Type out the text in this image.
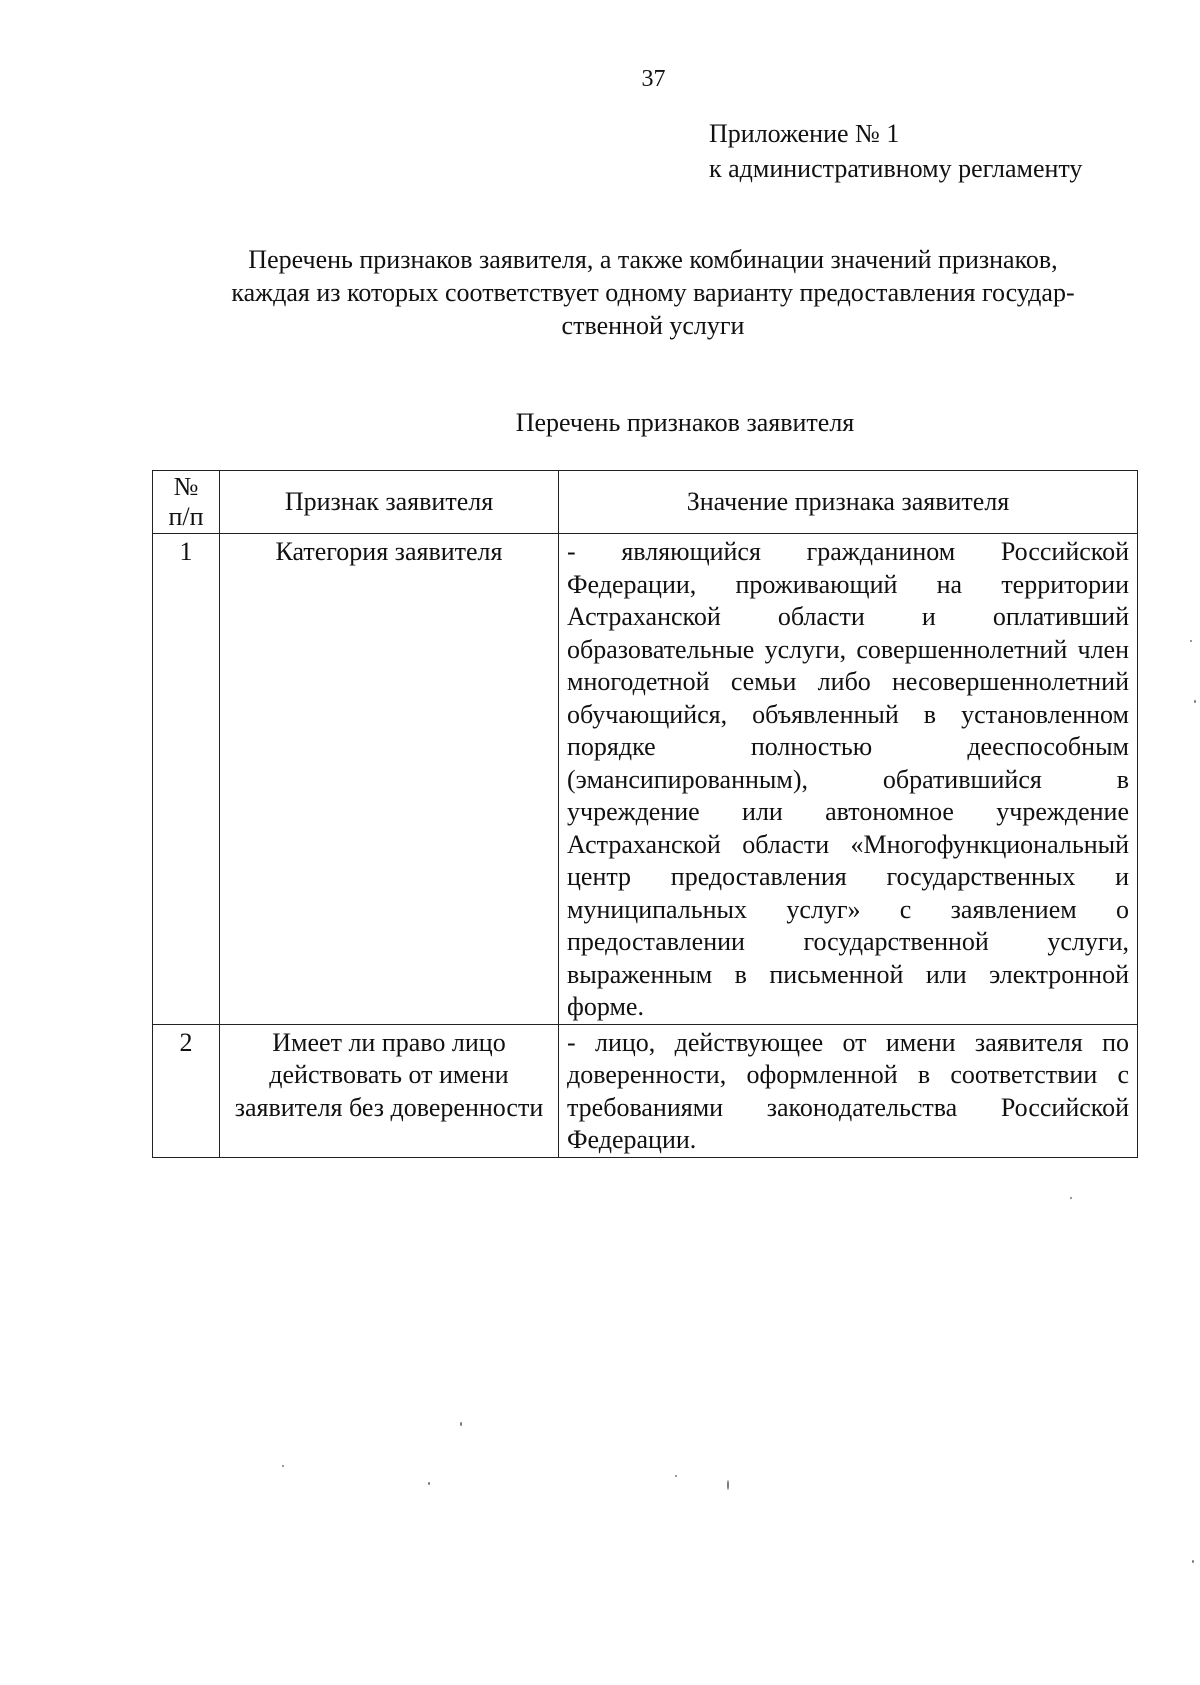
37
Приложение № 1
к административному регламенту
Перечень признаков заявителя, а также комбинации значений признаков,
каждая из которых соответствует одному варианту предоставления государ-
ственной услуги
Перечень признаков заявителя
№
п/п	Признак заявителя	Значение признака заявителя
1	Категория заявителя	- являющийся гражданином Российской Федерации, проживающий на территории Астраханской области и оплативший образовательные услуги, совершеннолетний член многодетной семьи либо несовершеннолетний обучающийся, объявленный в установленном порядке полностью дееспособным (эмансипированным), обратившийся в учреждение или автономное учреждение Астраханской области «Многофункциональный центр предоставления государственных и муниципальных услуг» с заявлением о предоставлении государственной услуги, выраженным в письменной или электронной форме.
2	Имеет ли право лицо действовать от имени заявителя без доверенности	- лицо, действующее от имени заявителя по доверенности, оформленной в соответствии с требованиями законодательства Российской Федерации.
